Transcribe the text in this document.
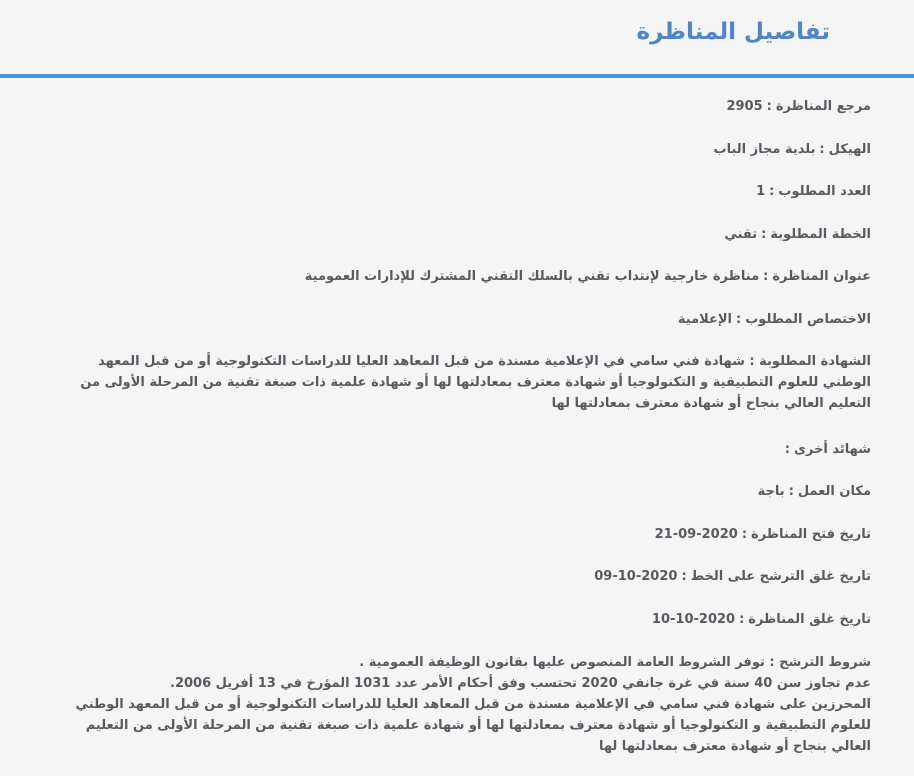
تفاصيل المناظرة

مرجع المناظرة:2905

الهيكل:بلدية مجاز الباب

العدد المطلوب:1

الخطة المطلوبة:تقني

عنوان المناظرة:مناظرة خارجية لإنتداب تقني بالسلك التقني المشترك للإدارات العمومية

الاختصاص المطلوب:الإعلامية

الشهادة المطلوبة : شهادة فني سامي في الإعلامية مسندة من قبل المعاهد العليا للدراسات التكنولوجية أو من قبل المعهد
الوطني للعلوم التطبيقية و التكنولوجيا أو شهادة معترف بمعادلتها لها أو شهادة علمية ذات صبغة تقنية من المرحلة الأولى من
التعليم العالي بنجاح أو شهادة معترف بمعادلتها لها

شهائد أخرى:

مكان العمل:باجة

تاريخ فتح المناظرة:2020-09-21

تاريخ غلق الترشح على الخط:2020-10-09

تاريخ غلق المناظرة:2020-10-10

شروط الترشح : توفر الشروط العامة المنصوص عليها بقانون الوظيفة العمومية .
عدم تجاوز سن 40 سنة في غرة جانفي 2020 تحتسب وفق أحكام الأمر عدد 1031 المؤرخ في 13 أفريل 2006.
المحرزين على شهادة فني سامي في الإعلامية مسندة من قبل المعاهد العليا للدراسات التكنولوجية أو من قبل المعهد الوطني
للعلوم التطبيقية و التكنولوجيا أو شهادة معترف بمعادلتها لها أو شهادة علمية ذات صبغة تقنية من المرحلة الأولى من التعليم
العالي بنجاح أو شهادة معترف بمعادلتها لها
